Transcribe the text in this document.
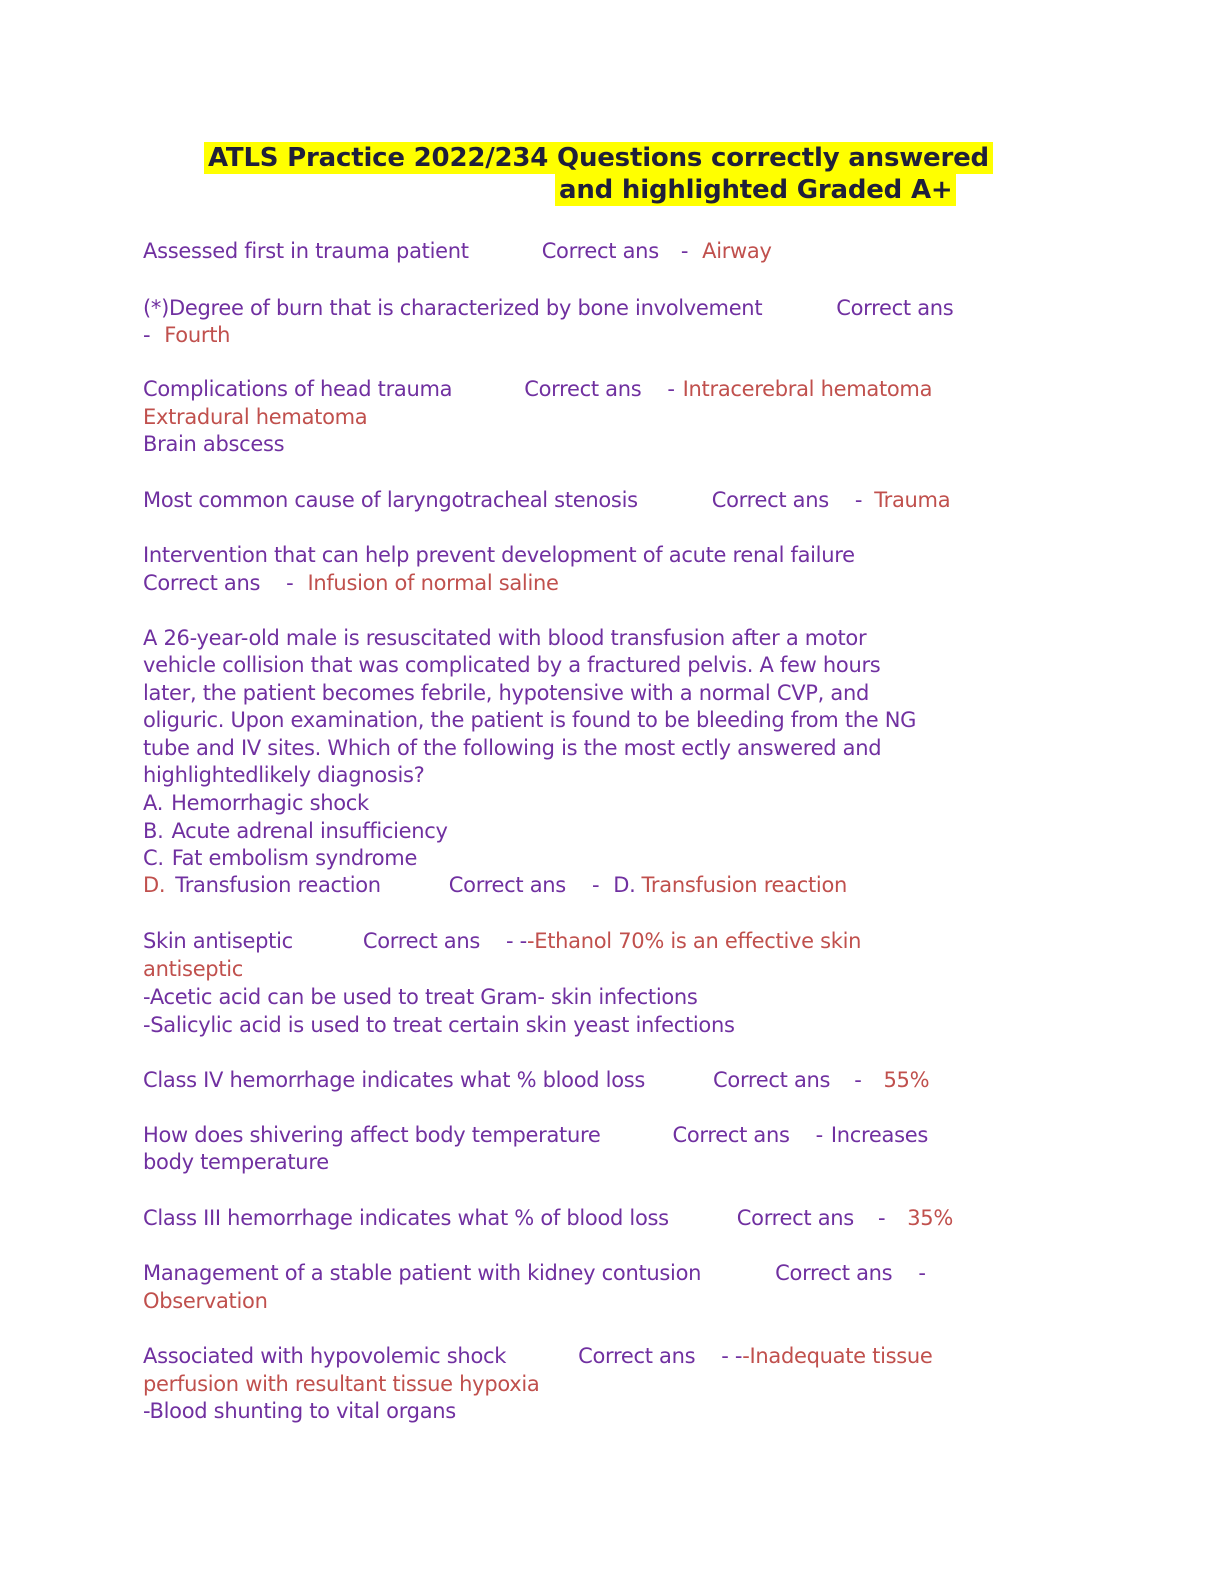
ATLS Practice 2022/234 Questions correctly answered
and highlighted Graded A+
Assessed first in trauma patient	Correct ans - Airway
(*)Degree of burn that is characterized by bone involvement	Correct ans
- Fourth
Complications of head trauma	Correct ans - Intracerebral hematoma
Extradural hematoma
Brain abscess
Most common cause of laryngotracheal stenosis	Correct ans - Trauma
Intervention that can help prevent development of acute renal failure
Correct ans - Infusion of normal saline
A 26-year-old male is resuscitated with blood transfusion after a motor
vehicle collision that was complicated by a fractured pelvis. A few hours
later, the patient becomes febrile, hypotensive with a normal CVP, and
oliguric. Upon examination, the patient is found to be bleeding from the NG
tube and IV sites. Which of the following is the most ectly answered and
highlightedlikely diagnosis?
A. Hemorrhagic shock
B. Acute adrenal insufficiency
C. Fat embolism syndrome
D. Transfusion reaction	Correct ans - D. Transfusion reaction
Skin antiseptic	Correct ans - --Ethanol 70% is an effective skin
antiseptic
-Acetic acid can be used to treat Gram- skin infections
-Salicylic acid is used to treat certain skin yeast infections
Class IV hemorrhage indicates what % blood loss	Correct ans - 55%
How does shivering affect body temperature	Correct ans - Increases
body temperature
Class III hemorrhage indicates what % of blood loss	Correct ans - 35%
Management of a stable patient with kidney contusion	Correct ans -
Observation
Associated with hypovolemic shock	Correct ans - --Inadequate tissue
perfusion with resultant tissue hypoxia
-Blood shunting to vital organs
